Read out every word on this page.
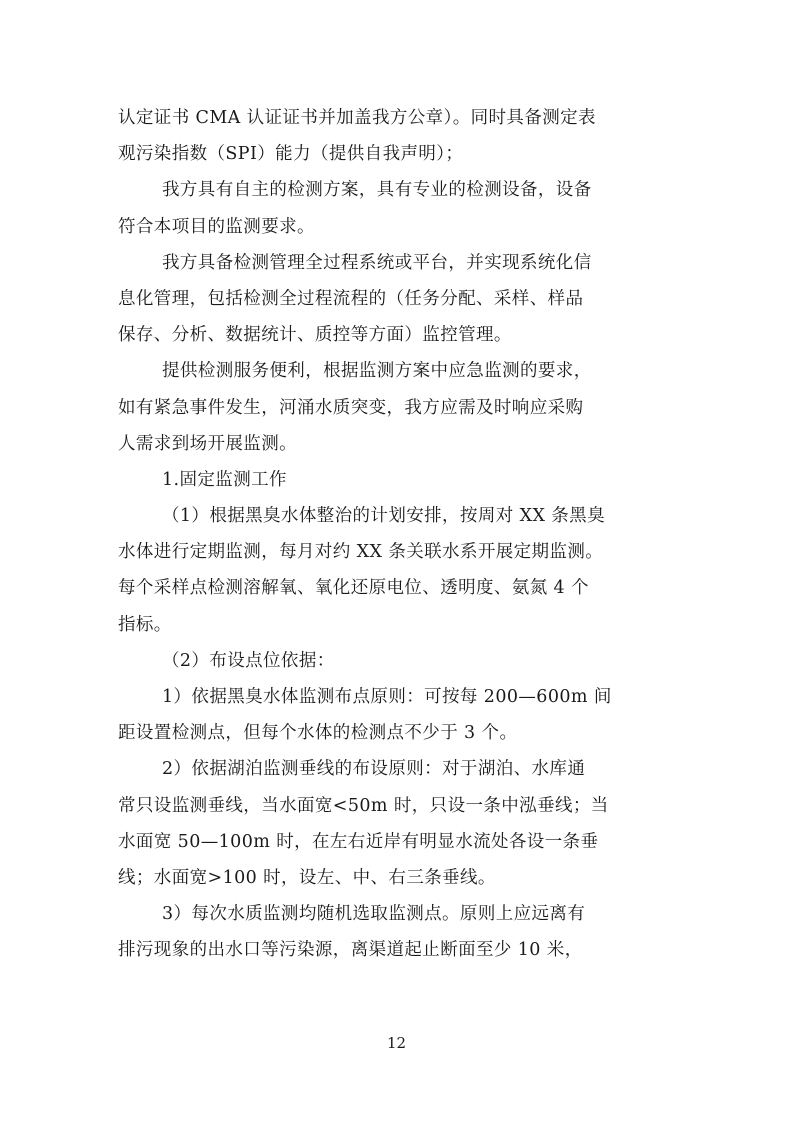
认定证书 CMA 认证证书并加盖我方公章）。同时具备测定表
观污染指数（SPI）能力（提供自我声明）；
我方具有自主的检测方案，具有专业的检测设备，设备
符合本项目的监测要求。
我方具备检测管理全过程系统或平台，并实现系统化信
息化管理，包括检测全过程流程的（任务分配、采样、样品
保存、分析、数据统计、质控等方面）监控管理。
提供检测服务便利，根据监测方案中应急监测的要求，
如有紧急事件发生，河涌水质突变，我方应需及时响应采购
人需求到场开展监测。
1.固定监测工作
（1）根据黑臭水体整治的计划安排，按周对 XX 条黑臭
水体进行定期监测，每月对约 XX 条关联水系开展定期监测。
每个采样点检测溶解氧、氧化还原电位、透明度、氨氮 4 个
指标。
（2）布设点位依据：
1）依据黑臭水体监测布点原则：可按每 200—600m 间
距设置检测点，但每个水体的检测点不少于 3 个。
2）依据湖泊监测垂线的布设原则：对于湖泊、水库通
常只设监测垂线，当水面宽<50m 时，只设一条中泓垂线；当
水面宽 50—100m 时，在左右近岸有明显水流处各设一条垂
线；水面宽>100 时，设左、中、右三条垂线。
3）每次水质监测均随机选取监测点。原则上应远离有
排污现象的出水口等污染源，离渠道起止断面至少 10 米，
12
